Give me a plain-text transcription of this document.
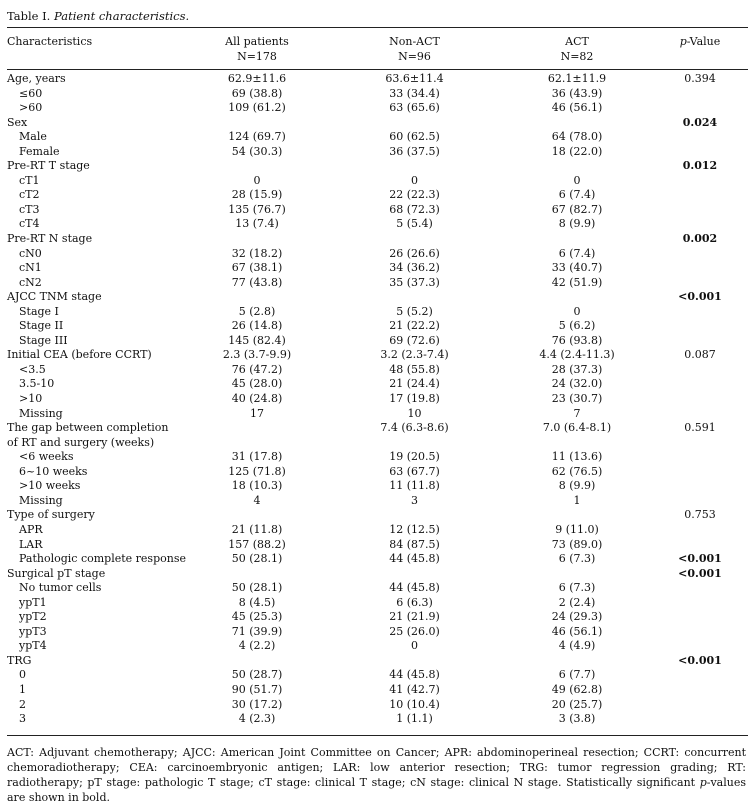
Table I. Patient characteristics.
Characteristics	All patients	Non-ACT	ACT	p-Value
	N=178	N=96	N=82	

Age, years	62.9±11.6	63.6±11.4	62.1±11.9	0.394
≤60	69 (38.8)	33 (34.4)	36 (43.9)	
>60	109 (61.2)	63 (65.6)	46 (56.1)	
Sex				0.024
Male	124 (69.7)	60 (62.5)	64 (78.0)	
Female	54 (30.3)	36 (37.5)	18 (22.0)	
Pre-RT T stage				0.012
cT1	0	0	0	
cT2	28 (15.9)	22 (22.3)	6 (7.4)	
cT3	135 (76.7)	68 (72.3)	67 (82.7)	
cT4	13 (7.4)	5 (5.4)	8 (9.9)	
Pre-RT N stage				0.002
cN0	32 (18.2)	26 (26.6)	6 (7.4)	
cN1	67 (38.1)	34 (36.2)	33 (40.7)	
cN2	77 (43.8)	35 (37.3)	42 (51.9)	
AJCC TNM stage				<0.001
Stage I	5 (2.8)	5 (5.2)	0	
Stage II	26 (14.8)	21 (22.2)	5 (6.2)	
Stage III	145 (82.4)	69 (72.6)	76 (93.8)	
Initial CEA (before CCRT)	2.3 (3.7-9.9)	3.2 (2.3-7.4)	4.4 (2.4-11.3)	0.087
<3.5	76 (47.2)	48 (55.8)	28 (37.3)	
3.5-10	45 (28.0)	21 (24.4)	24 (32.0)	
>10	40 (24.8)	17 (19.8)	23 (30.7)	
Missing	17	10	7	
The gap between completion		7.4 (6.3-8.6)	7.0 (6.4-8.1)	0.591
of RT and surgery (weeks)				
<6 weeks	31 (17.8)	19 (20.5)	11 (13.6)	
6~10 weeks	125 (71.8)	63 (67.7)	62 (76.5)	
>10 weeks	18 (10.3)	11 (11.8)	8 (9.9)	
Missing	4	3	1	
Type of surgery				0.753
APR	21 (11.8)	12 (12.5)	9 (11.0)	
LAR	157 (88.2)	84 (87.5)	73 (89.0)	
Pathologic complete response	50 (28.1)	44 (45.8)	6 (7.3)	<0.001
Surgical pT stage				<0.001
No tumor cells	50 (28.1)	44 (45.8)	6 (7.3)	
ypT1	8 (4.5)	6 (6.3)	2 (2.4)	
ypT2	45 (25.3)	21 (21.9)	24 (29.3)	
ypT3	71 (39.9)	25 (26.0)	46 (56.1)	
ypT4	4 (2.2)	0	4 (4.9)	
TRG				<0.001
0	50 (28.7)	44 (45.8)	6 (7.7)	
1	90 (51.7)	41 (42.7)	49 (62.8)	
2	30 (17.2)	10 (10.4)	20 (25.7)	
3	4 (2.3)	1 (1.1)	3 (3.8)	
ACT: Adjuvant chemotherapy; AJCC: American Joint Committee on Cancer; APR: abdominoperineal resection; CCRT: concurrent chemoradiotherapy; CEA: carcinoembryonic antigen; LAR: low anterior resection; TRG: tumor regression grading; RT: radiotherapy; pT stage: pathologic T stage; cT stage: clinical T stage; cN stage: clinical N stage. Statistically significant p-values are shown in bold.
